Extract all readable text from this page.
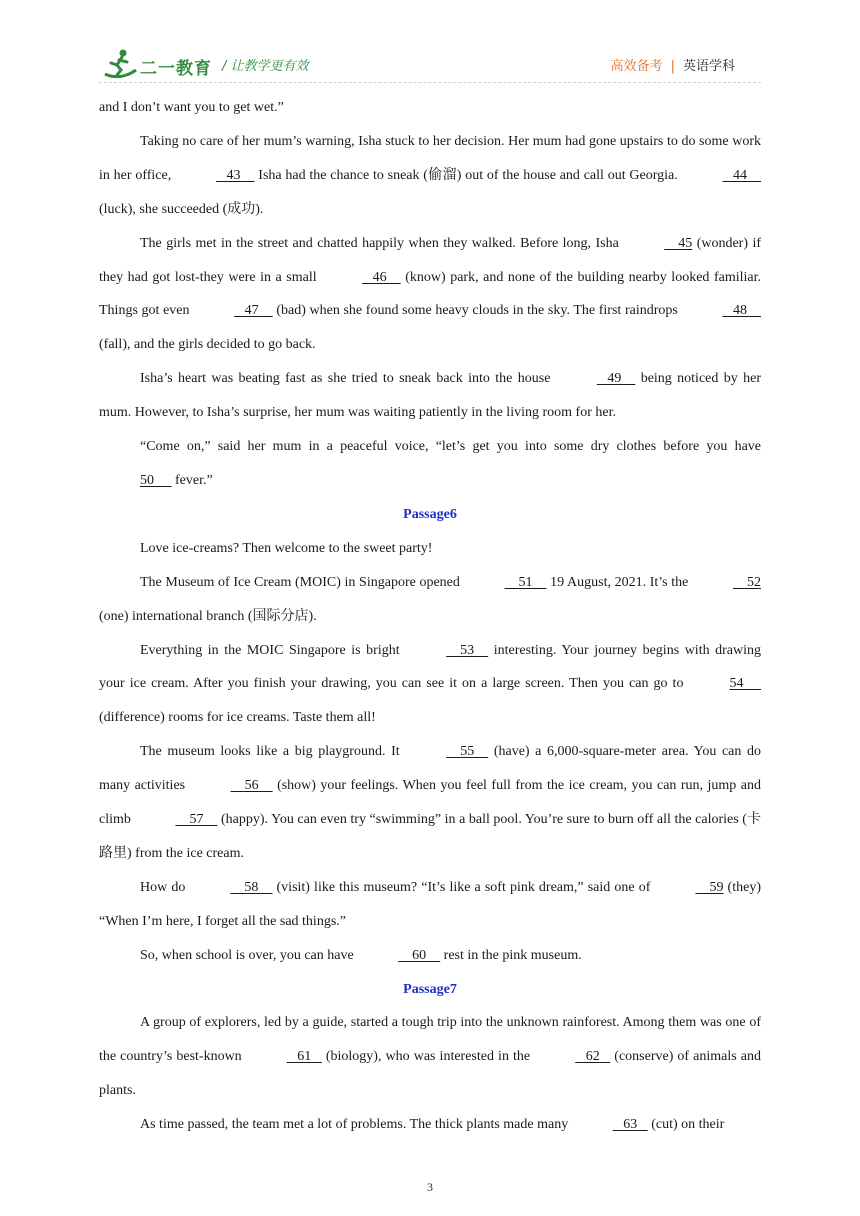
二一教育 / 让教学更有效	高效备考 | 英语学科

and I don’t want you to get wet.”

Taking no care of her mum’s warning, Isha stuck to her decision. Her mum had gone upstairs to do some work in her office,	43     Isha had the chance to sneak (偷溜) out of the house and call out Georgia.	44     (luck), she succeeded (成功).

The girls met in the street and chatted happily when they walked. Before long, Isha	45 (wonder) if they had got lost-they were in a small	46     (know) park, and none of the building nearby looked familiar. Things got even	47     (bad) when she found some heavy clouds in the sky. The first raindrops	48     (fall), and the girls decided to go back.

Isha’s heart was beating fast as she tried to sneak back into the house	49     being noticed by her mum. However, to Isha’s surprise, her mum was waiting patiently in the living room for her.

“Come on,” said her mum in a peaceful voice, “let’s get you into some dry clothes before you have 50      fever.”

Passage6

Love ice-creams? Then welcome to the sweet party!

The Museum of Ice Cream (MOIC) in Singapore opened	51     19 August, 2021. It’s the	52 (one) international branch (国际分店).

Everything in the MOIC Singapore is bright	53     interesting. Your journey begins with drawing your ice cream. After you finish your drawing, you can see it on a large screen. Then you can go to	54      (difference) rooms for ice creams. Taste them all!

The museum looks like a big playground. It	55     (have) a 6,000-square-meter area. You can do many activities	56     (show) your feelings. When you feel full from the ice cream, you can run, jump and climb	57     (happy). You can even try “swimming” in a ball pool. You’re sure to burn off all the calories (卡路里) from the ice cream.

How do	58     (visit) like this museum? “It’s like a soft pink dream,” said one of	59 (they) “When I’m here, I forget all the sad things.”

So, when school is over, you can have	60     rest in the pink museum.

Passage7

A group of explorers, led by a guide, started a tough trip into the unknown rainforest. Among them was one of the country’s best-known	61    (biology), who was interested in the	62    (conserve) of animals and plants.

As time passed, the team met a lot of problems. The thick plants made many	63    (cut) on their

3
